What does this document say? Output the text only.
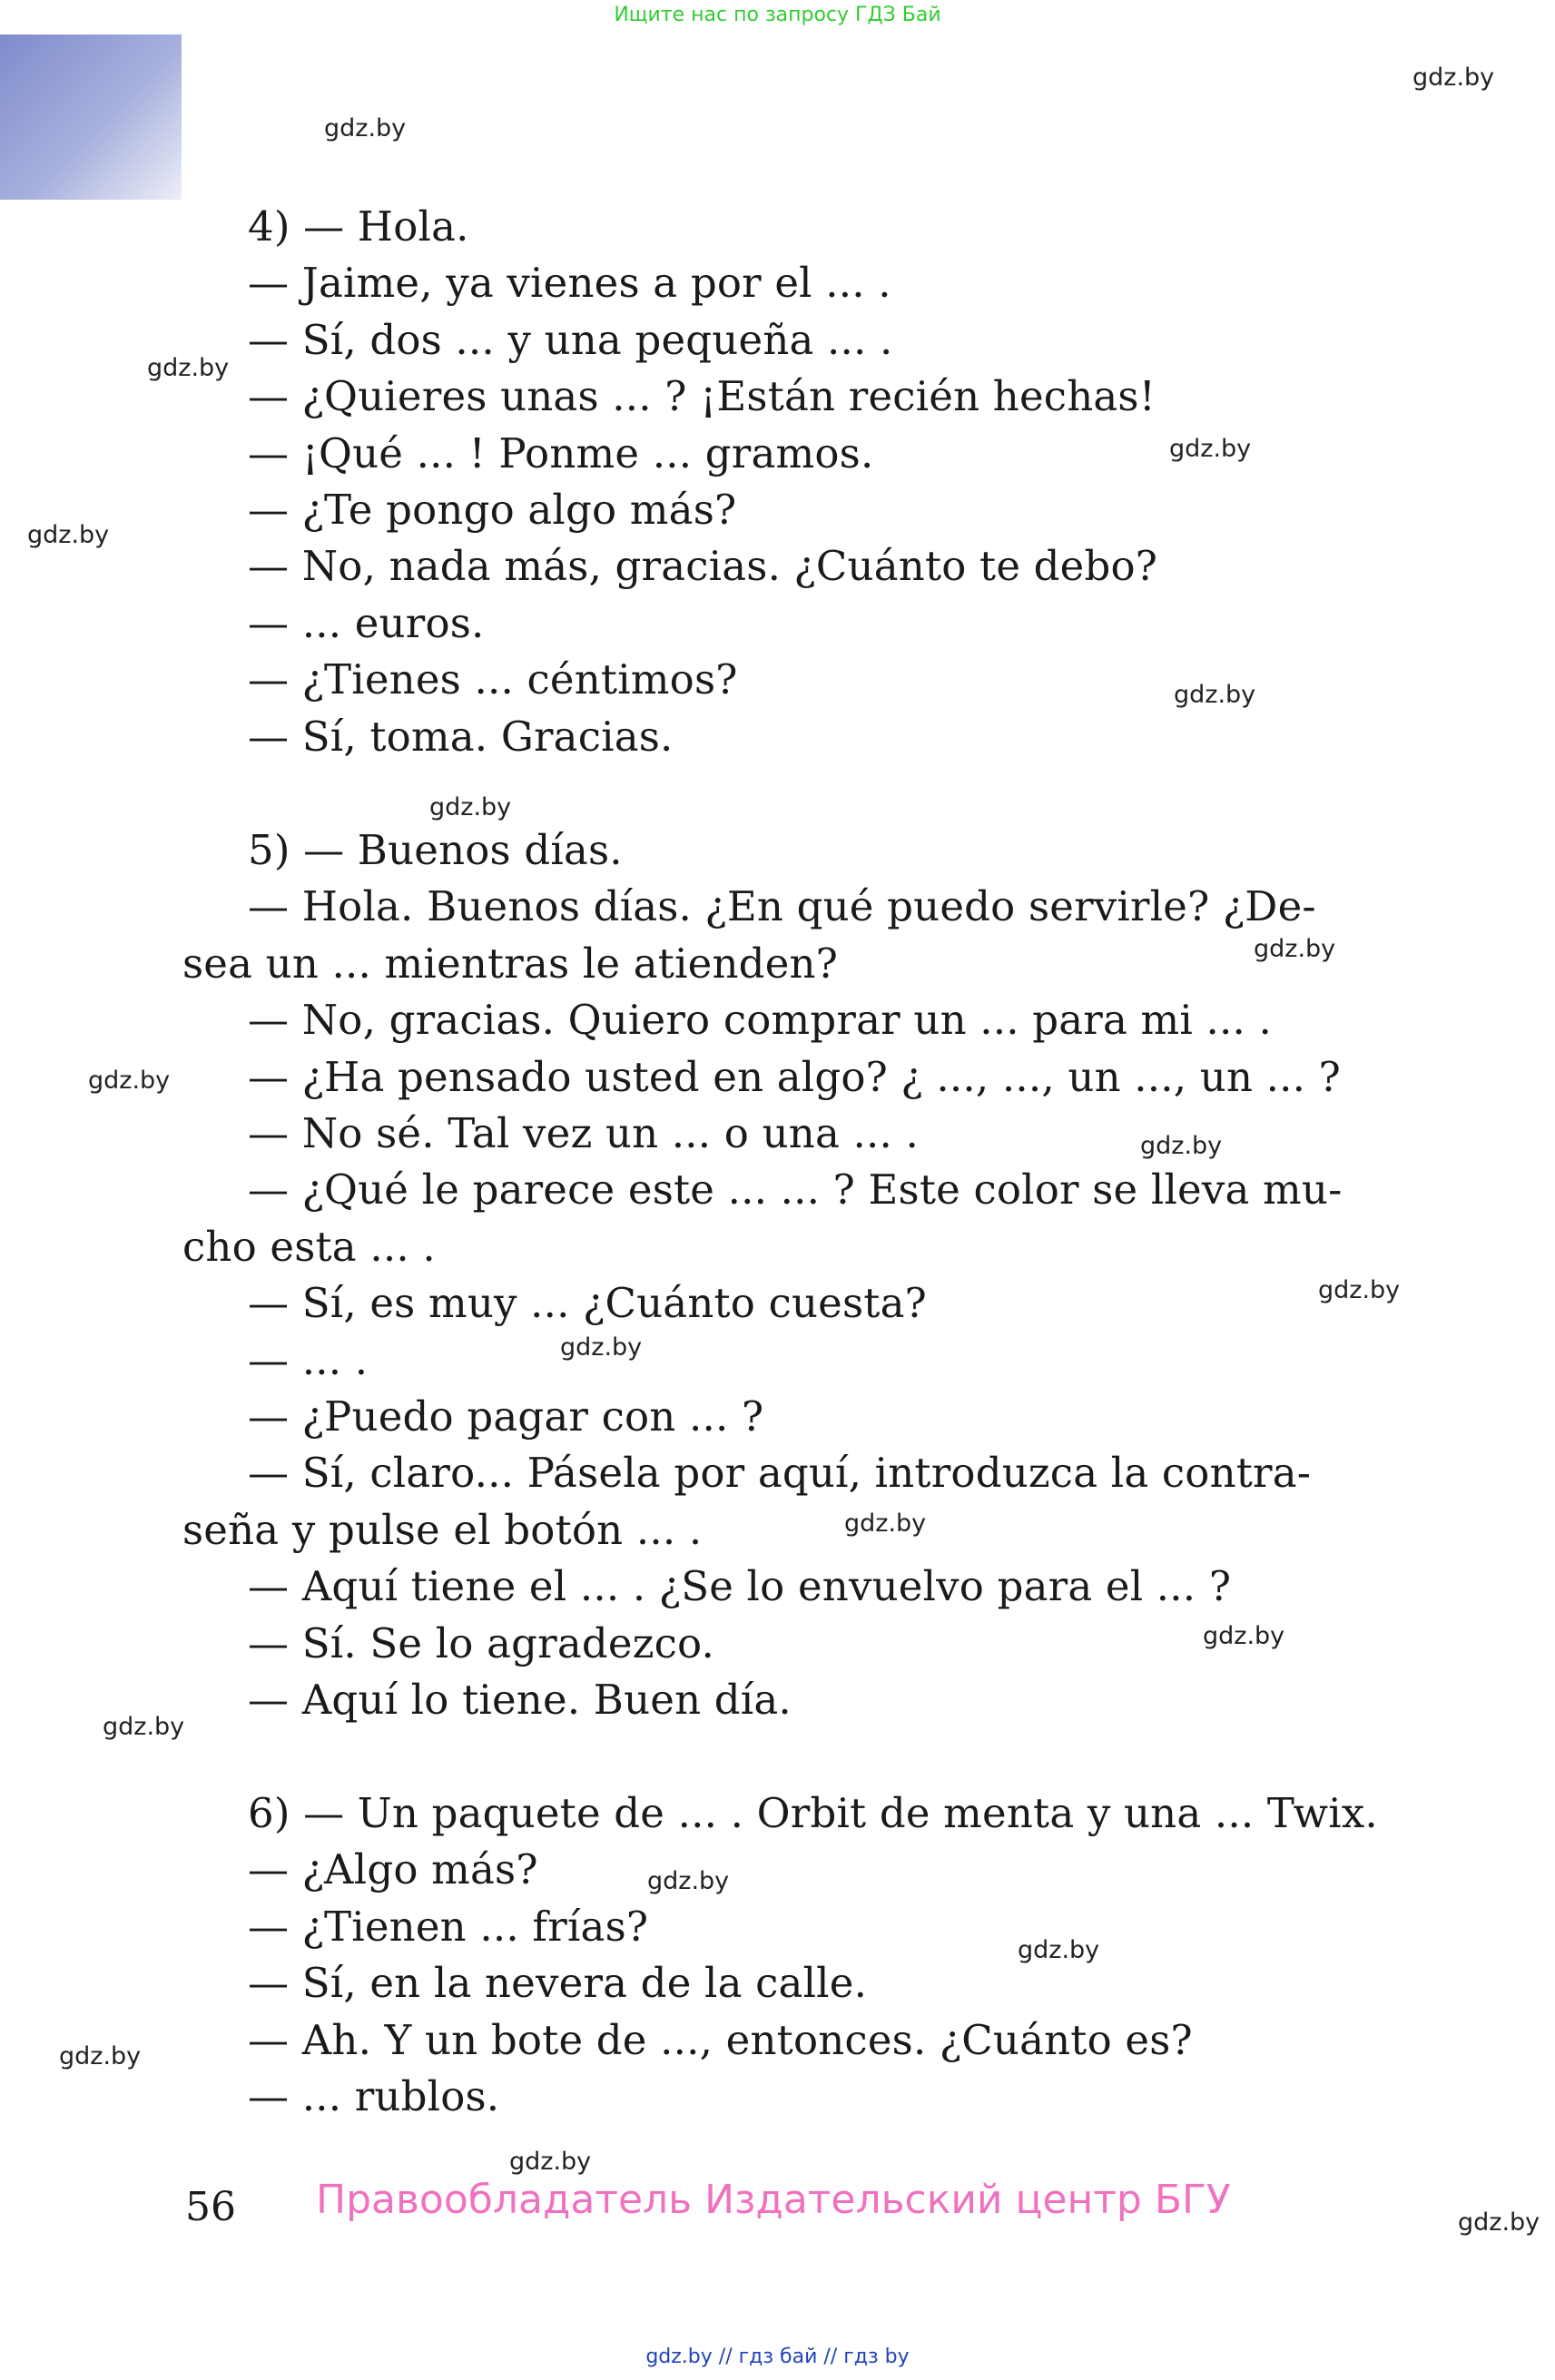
Ищите нас по запросу ГДЗ Бай
gdz.by
gdz.by
gdz.by
gdz.by
gdz.by
gdz.by
gdz.by
gdz.by
gdz.by
gdz.by
gdz.by
gdz.by
gdz.by
gdz.by
gdz.by
gdz.by
gdz.by
gdz.by
gdz.by
gdz.by
4) — Hola.
— Jaime, ya vienes a por el ... .
— Sí, dos ... y una pequeña ... .
— ¿Quieres unas ... ? ¡Están recién hechas!
— ¡Qué ... ! Ponme ... gramos.
— ¿Te pongo algo más?
— No, nada más, gracias. ¿Cuánto te debo?
— ... euros.
— ¿Tienes ... céntimos?
— Sí, toma. Gracias.
5) — Buenos días.
— Hola. Buenos días. ¿En qué puedo servirle? ¿De-
sea un ... mientras le atienden?
— No, gracias. Quiero comprar un ... para mi ... .
— ¿Ha pensado usted en algo? ¿ ..., ..., un ..., un ... ?
— No sé. Tal vez un ... o una ... .
— ¿Qué le parece este ... ... ? Este color se lleva mu-
cho esta ... .
— Sí, es muy ... ¿Cuánto cuesta?
— ... .
— ¿Puedo pagar con ... ?
— Sí, claro... Pásela por aquí, introduzca la contra-
seña y pulse el botón ... .
— Aquí tiene el ... . ¿Se lo envuelvo para el ... ?
— Sí. Se lo agradezco.
— Aquí lo tiene. Buen día.
6) — Un paquete de ... . Orbit de menta y una ... Twix.
— ¿Algo más?
— ¿Tienen ... frías?
— Sí, en la nevera de la calle.
— Ah. Y un bote de ..., entonces. ¿Cuánto es?
— ... rublos.
56 Правообладатель Издательский центр БГУ
gdz.by // гдз бай // гдз by
